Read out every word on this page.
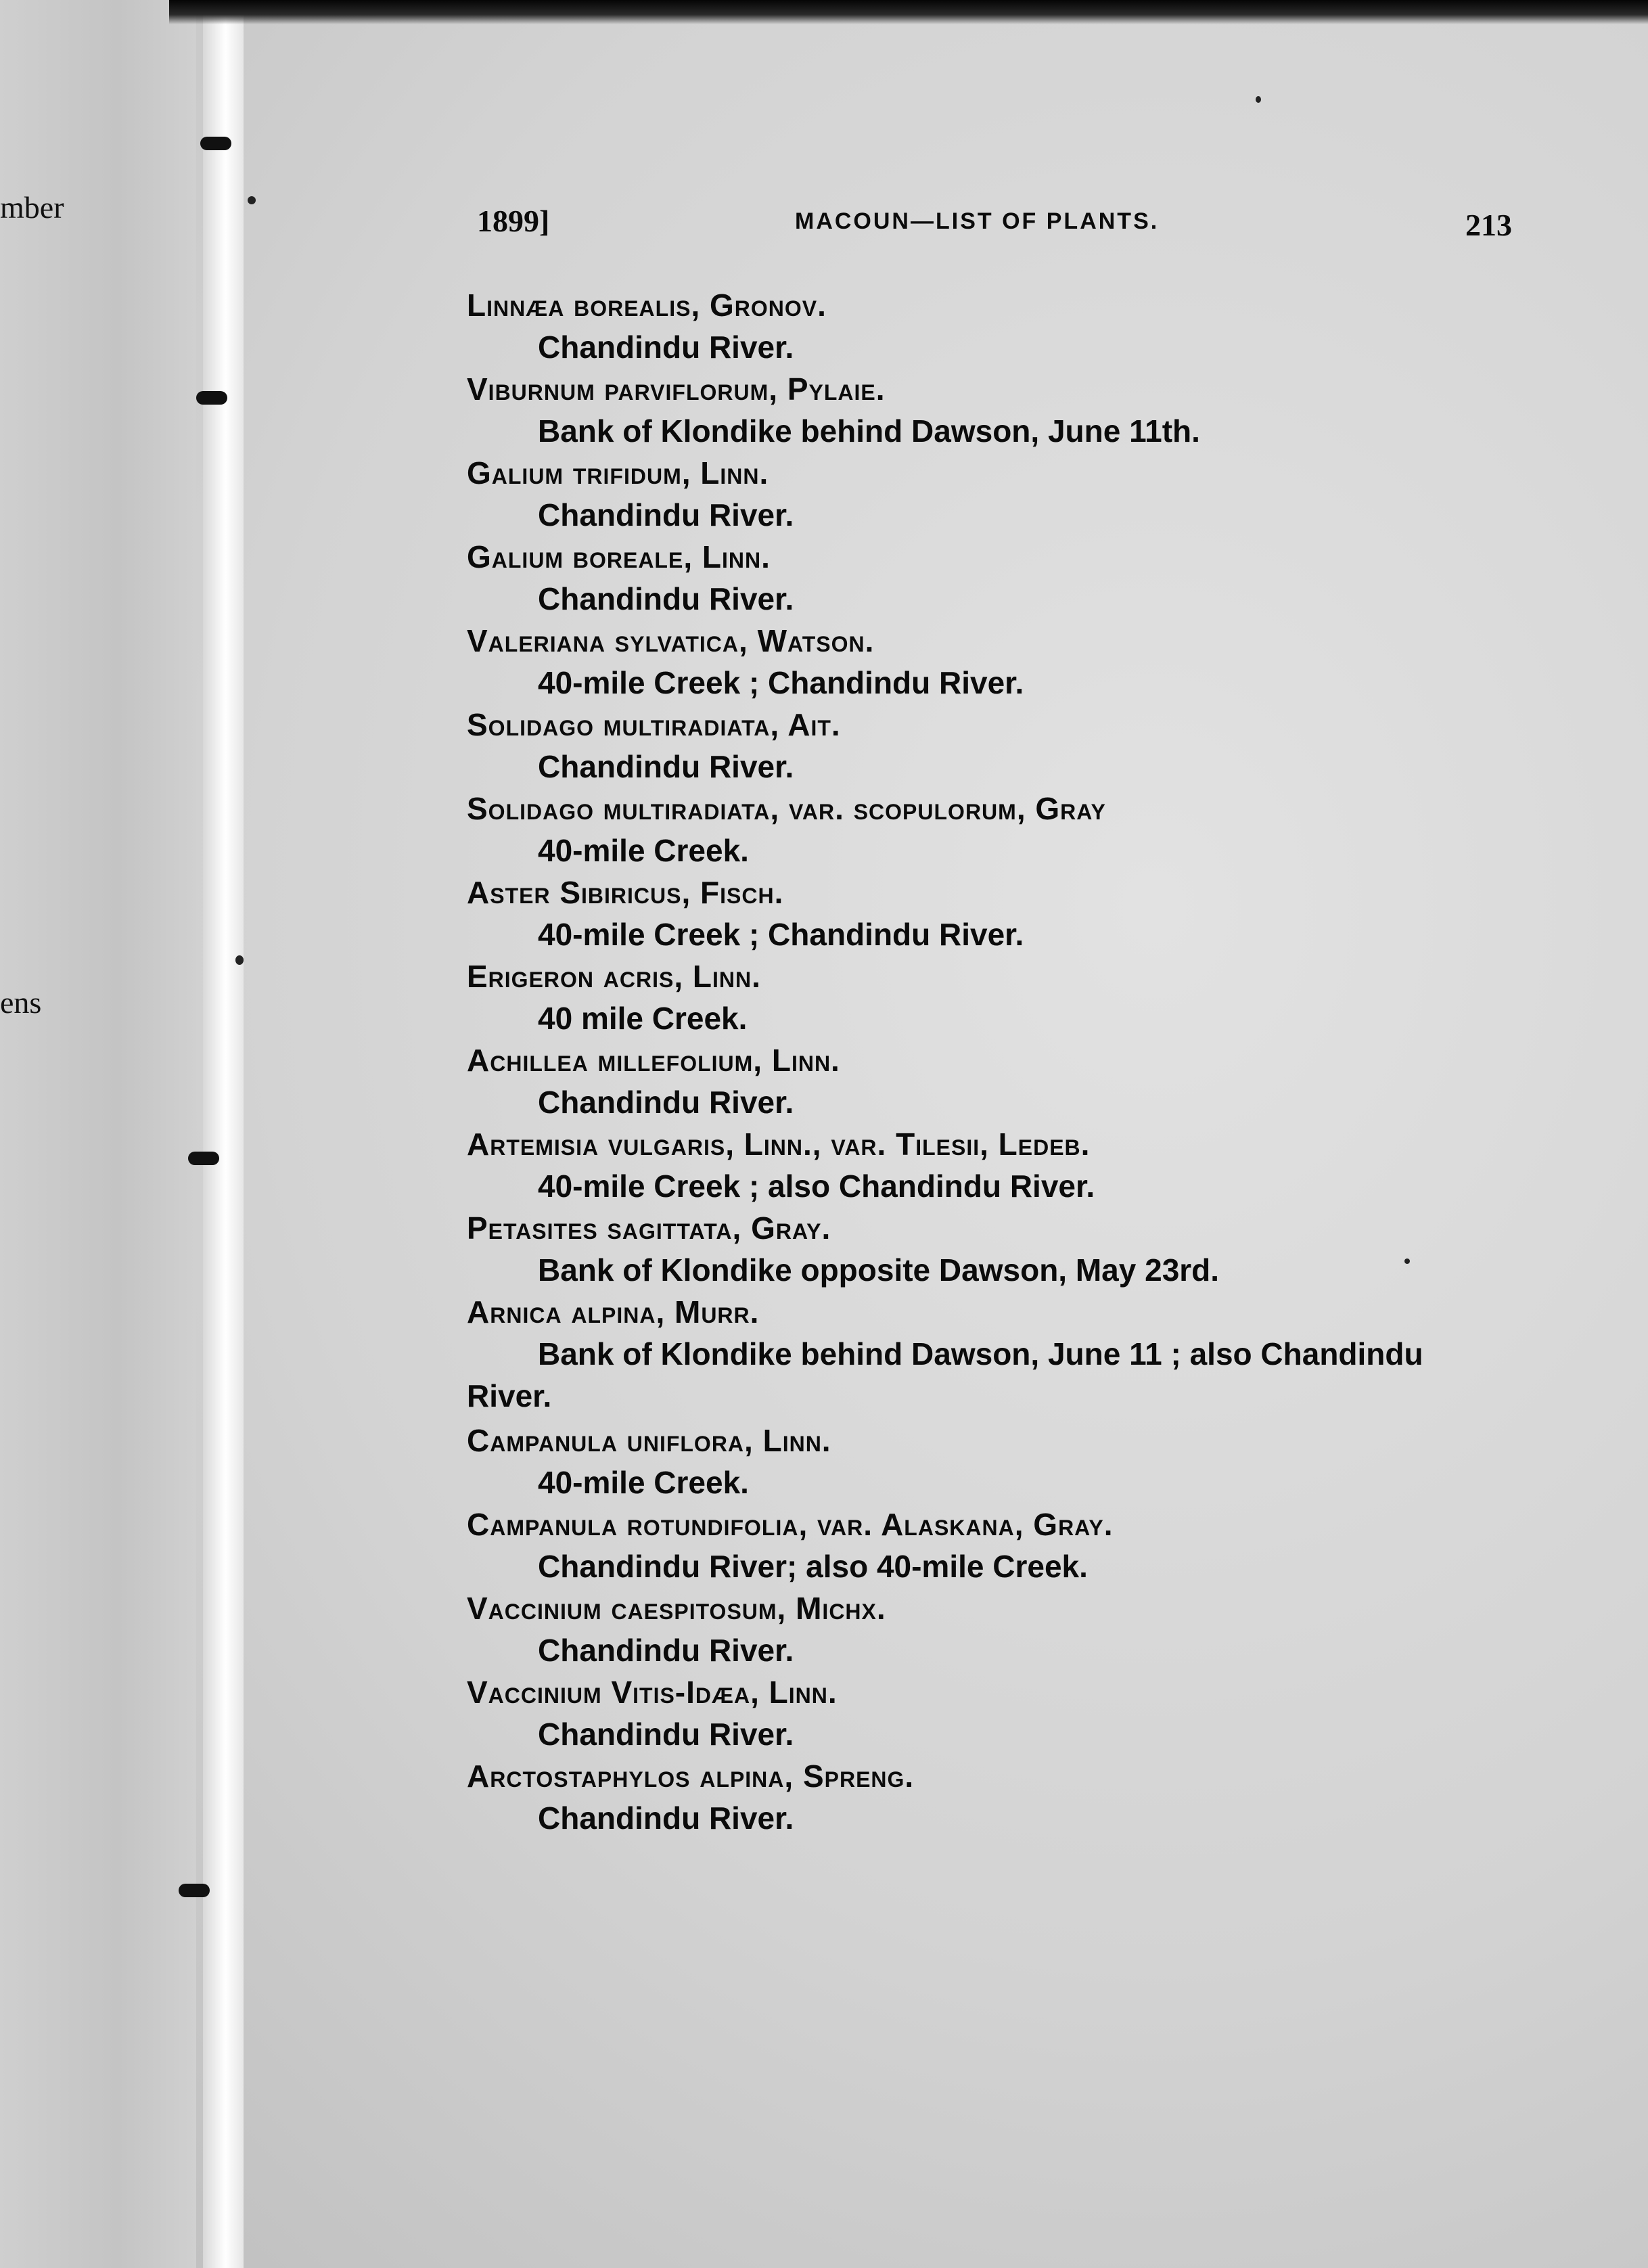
mber
ens
1899]	MACOUN—LIST OF PLANTS.	213
Linnæa borealis, Gronov.
Chandindu River.
Viburnum parviflorum, Pylaie.
Bank of Klondike behind Dawson, June 11th.
Galium trifidum, Linn.
Chandindu River.
Galium boreale, Linn.
Chandindu River.
Valeriana sylvatica, Watson.
40-mile Creek ; Chandindu River.
Solidago multiradiata, Ait.
Chandindu River.
Solidago multiradiata, var. scopulorum, Gray
40-mile Creek.
Aster Sibiricus, Fisch.
40-mile Creek ; Chandindu River.
Erigeron acris, Linn.
40 mile Creek.
Achillea millefolium, Linn.
Chandindu River.
Artemisia vulgaris, Linn., var. Tilesii, Ledeb.
40-mile Creek ; also Chandindu River.
Petasites sagittata, Gray.
Bank of Klondike opposite Dawson, May 23rd.
Arnica alpina, Murr.
Bank of Klondike behind Dawson, June 11 ; also Chandindu
River.
Campanula uniflora, Linn.
40-mile Creek.
Campanula rotundifolia, var. Alaskana, Gray.
Chandindu River; also 40-mile Creek.
Vaccinium caespitosum, Michx.
Chandindu River.
Vaccinium Vitis-Idæa, Linn.
Chandindu River.
Arctostaphylos alpina, Spreng.
Chandindu River.
